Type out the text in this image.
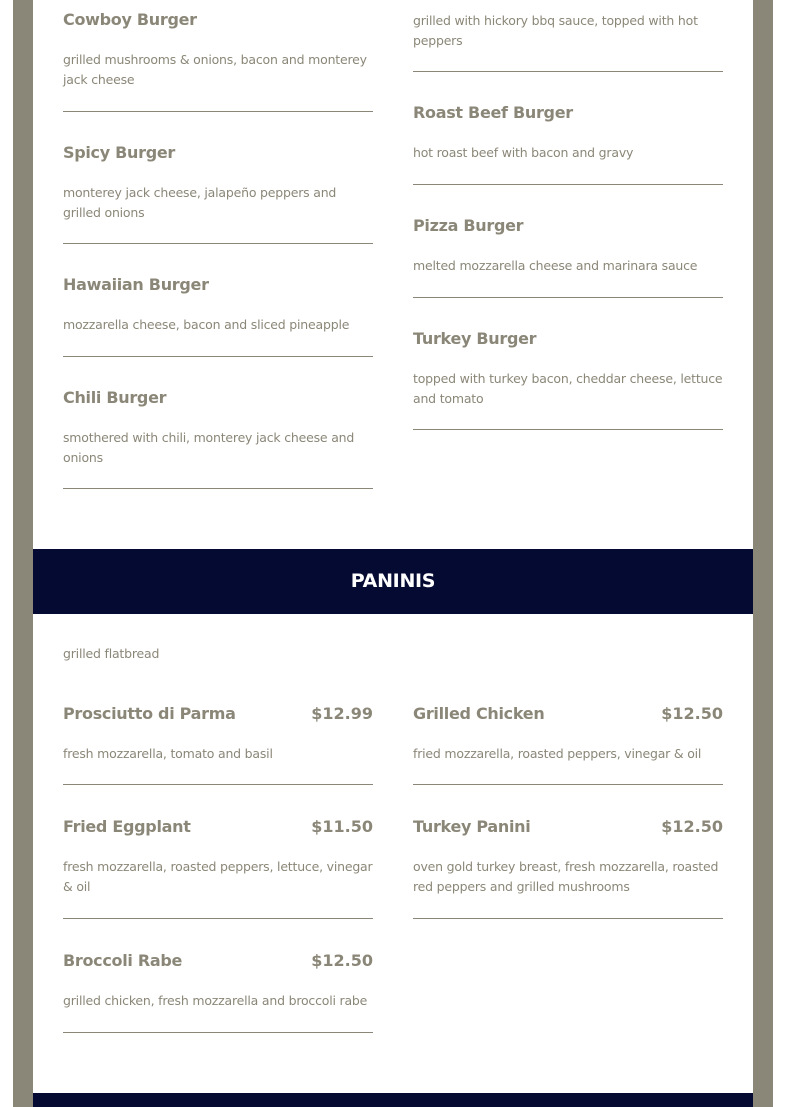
Cowboy Burger
grilled mushrooms & onions, bacon and monterey jack cheese
Spicy Burger
monterey jack cheese, jalapeño peppers and grilled onions
Hawaiian Burger
mozzarella cheese, bacon and sliced pineapple
Chili Burger
smothered with chili, monterey jack cheese and onions
grilled with hickory bbq sauce, topped with hot peppers
Roast Beef Burger
hot roast beef with bacon and gravy
Pizza Burger
melted mozzarella cheese and marinara sauce
Turkey Burger
topped with turkey bacon, cheddar cheese, lettuce and tomato
PANINIS
grilled flatbread
Prosciutto di Parma	$12.99
fresh mozzarella, tomato and basil
Fried Eggplant	$11.50
fresh mozzarella, roasted peppers, lettuce, vinegar & oil
Broccoli Rabe	$12.50
grilled chicken, fresh mozzarella and broccoli rabe
Grilled Chicken	$12.50
fried mozzarella, roasted peppers, vinegar & oil
Turkey Panini	$12.50
oven gold turkey breast, fresh mozzarella, roasted red peppers and grilled mushrooms
